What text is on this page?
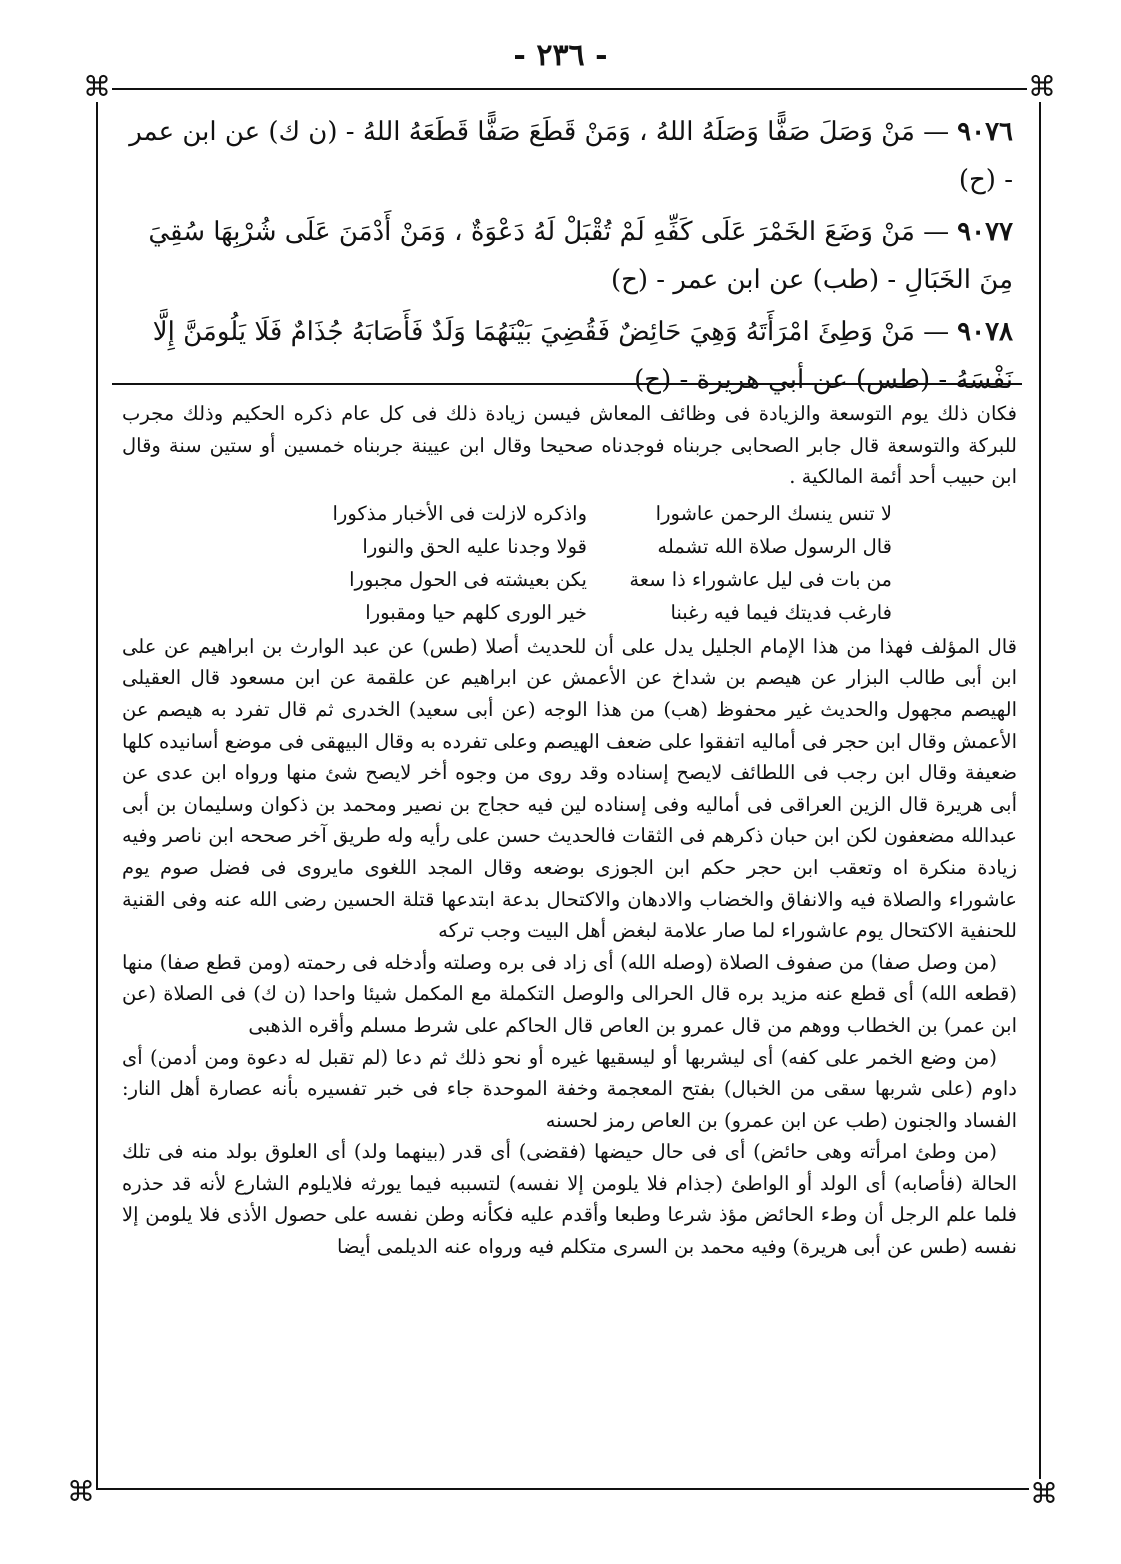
- ٢٣٦ -
⌘	⌘
⌘	⌘
٩٠٧٦— مَنْ وَصَلَ صَفًّا وَصَلَهُ اللهُ ، وَمَنْ قَطَعَ صَفًّا قَطَعَهُ اللهُ - (ن ك) عن ابن عمر - (ح)
٩٠٧٧— مَنْ وَضَعَ الخَمْرَ عَلَى كَفِّهِ لَمْ تُقْبَلْ لَهُ دَعْوَةٌ ، وَمَنْ أَدْمَنَ عَلَى شُرْبِهَا سُقِيَ مِنَ الخَبَالِ - (طب) عن ابن عمر - (ح)
٩٠٧٨— مَنْ وَطِئَ امْرَأَتَهُ وَهِيَ حَائِضٌ فَقُضِيَ بَيْنَهُمَا وَلَدٌ فَأَصَابَهُ جُذَامٌ فَلَا يَلُومَنَّ إِلَّا نَفْسَهُ - (طس) عن أبي هريرة - (ح)

فكان ذلك يوم التوسعة والزيادة فى وظائف المعاش فيسن زيادة ذلك فى كل عام ذكره الحكيم وذلك مجرب للبركة والتوسعة قال جابر الصحابى جربناه فوجدناه صحيحا وقال ابن عيينة جربناه خمسين أو ستين سنة وقال ابن حبيب أحد أئمة المالكية .

لا تنس ينسك الرحمن عاشورا
واذكره لازلت فى الأخبار مذكورا
قال الرسول صلاة الله تشمله
قولا وجدنا عليه الحق والنورا
من بات فى ليل عاشوراء ذا سعة
يكن بعيشته فى الحول مجبورا
فارغب فديتك فيما فيه رغبنا
خير الورى كلهم حيا ومقبورا

قال المؤلف فهذا من هذا الإمام الجليل يدل على أن للحديث أصلا (طس) عن عبد الوارث بن ابراهيم عن على ابن أبى طالب البزار عن هيصم بن شداخ عن الأعمش عن ابراهيم عن علقمة عن ابن مسعود قال العقيلى الهيصم مجهول والحديث غير محفوظ (هب) من هذا الوجه (عن أبى سعيد) الخدرى ثم قال تفرد به هيصم عن الأعمش وقال ابن حجر فى أماليه اتفقوا على ضعف الهيصم وعلى تفرده به وقال البيهقى فى موضع أسانيده كلها ضعيفة وقال ابن رجب فى اللطائف لايصح إسناده وقد روى من وجوه أخر لايصح شئ منها ورواه ابن عدى عن أبى هريرة قال الزين العراقى فى أماليه وفى إسناده لين فيه حجاج بن نصير ومحمد بن ذكوان وسليمان بن أبى عبدالله مضعفون لكن ابن حبان ذكرهم فى الثقات فالحديث حسن على رأيه وله طريق آخر صححه ابن ناصر وفيه زيادة منكرة اه وتعقب ابن حجر حكم ابن الجوزى بوضعه وقال المجد اللغوى مايروى فى فضل صوم يوم عاشوراء والصلاة فيه والانفاق والخضاب والادهان والاكتحال بدعة ابتدعها قتلة الحسين رضى الله عنه وفى القنية للحنفية الاكتحال يوم عاشوراء لما صار علامة لبغض أهل البيت وجب تركه

(من وصل صفا) من صفوف الصلاة (وصله الله) أى زاد فى بره وصلته وأدخله فى رحمته (ومن قطع صفا) منها (قطعه الله) أى قطع عنه مزيد بره قال الحرالى والوصل التكملة مع المكمل شيئا واحدا (ن ك) فى الصلاة (عن ابن عمر) بن الخطاب ووهم من قال عمرو بن العاص قال الحاكم على شرط مسلم وأقره الذهبى

(من وضع الخمر على كفه) أى ليشربها أو ليسقيها غيره أو نحو ذلك ثم دعا (لم تقبل له دعوة ومن أدمن) أى داوم (على شربها سقى من الخبال) بفتح المعجمة وخفة الموحدة جاء فى خبر تفسيره بأنه عصارة أهل النار: الفساد والجنون (طب عن ابن عمرو) بن العاص رمز لحسنه

(من وطئ امرأته وهى حائض) أى فى حال حيضها (فقضى) أى قدر (بينهما ولد) أى العلوق بولد منه فى تلك الحالة (فأصابه) أى الولد أو الواطئ (جذام فلا يلومن إلا نفسه) لتسببه فيما يورثه فلايلوم الشارع لأنه قد حذره فلما علم الرجل أن وطء الحائض مؤذ شرعا وطبعا وأقدم عليه فكأنه وطن نفسه على حصول الأذى فلا يلومن إلا نفسه (طس عن أبى هريرة) وفيه محمد بن السرى متكلم فيه ورواه عنه الديلمى أيضا
